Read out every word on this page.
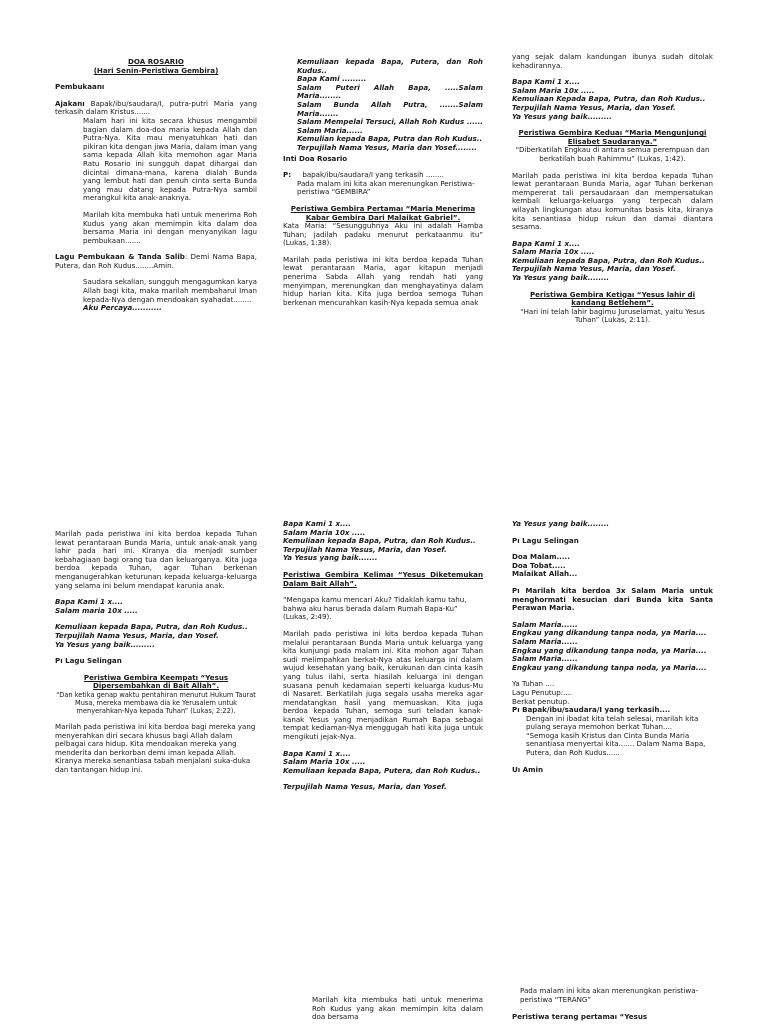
DOA ROSARIO

(Hari Senin-Peristiwa Gembira)

Pembukaanı

Ajakanı Bapak/ibu/saudara/I, putra-putri Maria yang terkasih dalam Kristus.......

Malam hari ini kita secara khusus mengambil bagian dalam doa-doa maria kepada Allah dan Putra-Nya. Kita mau menyatuhkan hati dan pikiran kita dengan jiwa Maria, dalam iman yang sama kepada Allah kita memohon agar Maria Ratu Rosario ini sungguh dapat dihargai dan dicintai dimana-mana, karena dialah Bunda yang lembut hati dan penuh cinta serta Bunda yang mau datang kepada Putra-Nya sambil merangkul kita anak-anaknya.

Marilah kita membuka hati untuk menerima Roh Kudus yang akan memimpin kita dalam doa bersama Maria ini dengan menyanyikan lagu pembukaan.......

Lagu Pembukaan & Tanda Salib: Demi Nama Bapa, Putera, dan Roh Kudus........Amin.

Saudara sekalian, sungguh mengagumkan karya Allah bagi kita, maka marilah membaharui Iman kepada-Nya dengan mendoakan syahadat........

Aku Percaya...........

Kemuliaan kepada Bapa, Putera, dan Roh Kudus..

Bapa Kami .........

Salam Puteri Allah Bapa, .....Salam Maria........

Salam Bunda Allah Putra, .......Salam Maria.......

Salam Mempelai Tersuci, Allah Roh Kudus ...... Salam Maria......

Kemulian kepada Bapa, Putra dan Roh Kudus..

Terpujilah Nama Yesus, Maria dan Yosef........

Inti Doa Rosario

P: bapak/ibu/saudara/I yang terkasih ........

Pada malam ini kita akan merenungkan Peristiwa-peristiwa “GEMBIRA”

Peristiwa Gembira Pertamaı “Maria Menerima Kabar Gembira Dari Malaikat Gabriel”.

Kata Maria: “Sesungguhnya Aku ini adalah Hamba Tuhan; jadilah padaku menurut perkataanmu itu” (Lukas, 1:38).

Marilah pada peristiwa ini kita berdoa kepada Tuhan lewat perantaraan Maria, agar kitapun menjadi penerima Sabda Allah yang rendah hati yang menyimpan, merenungkan dan menghayatinya dalam hidup harian kita. Kita juga berdoa semoga Tuhan berkenan mencurahkan kasih-Nya kepada semua anak

yang sejak dalam kandungan ibunya sudah ditolak kehadirannya.

Bapa Kami 1 x....

Salam Maria 10x .....

Kemuliaan Kepada Bapa, Putra, dan Roh Kudus..

Terpujilah Nama Yesus, Maria, dan Yosef.

Ya Yesus yang baik.........

Peristiwa Gembira Keduaı “Maria Mengunjungi Elisabet Saudaranya.”

“Diberkatilah Engkau di antara semua perempuan dan berkatilah buah Rahimmu” (Lukas, 1:42).

Marilah pada peristiwa ini kita berdoa kepada Tuhan lewat perantaraan Bunda Maria, agar Tuhan berkenan mempererat tali persaudaraan dan mempersatukan kembali keluarga-keluarga yang terpecah dalam wilayah lingkungan atau komunitas basis kita, kiranya kita senantiasa hidup rukun dan damai diantara sesama.

Bapa Kami 1 x....

Salam Maria 10x .....

Kemuliaan kepada Bapa, Putra, dan Roh Kudus..

Terpujilah Nama Yesus, Maria, dan Yosef.

Ya Yesus yang baik........

Peristiwa Gembira Ketigaı “Yesus lahir di kandang Betlehem”.

“Hari ini telah lahir bagimu Juruselamat, yaitu Yesus Tuhan” (Lukas, 2:11).

Marilah pada peristiwa ini kita berdoa kepada Tuhan lewat perantaraan Bunda Maria, untuk anak-anak yang lahir pada hari ini. Kiranya dia menjadi sumber kebahagiaan bagi orang tua dan keluarganya. Kita juga berdoa kepada Tuhan, agar Tuhan berkenan menganugerahkan keturunan kepada keluarga-keluarga yang selama ini belum mendapat karunia anak.

Bapa Kami 1 x....

Salam maria 10x .....

Kemuliaan kepada Bapa, Putra, dan Roh Kudus..

Terpujilah Nama Yesus, Maria, dan Yosef.

Ya Yesus yang baik.........

Pı Lagu Selingan

Peristiwa Gembira Keempatı “Yesus Dipersembahkan di Bait Allah”.

“Dan ketika genap waktu pentahiran menurut Hukum Taurat Musa, mereka membawa dia ke Yerusalem untuk menyerahkan-Nya kepada Tuhan” (Lukas, 2:22).

Marilah pada peristiwa ini kita berdoa bagi mereka yang menyerahkan diri secara khusus bagi Allah dalam pelbagai cara hidup. Kita mendoakan mereka yang menderita dan berkorban demi iman kepada Allah. Kiranya mereka senantiasa tabah menjalani suka-duka dan tantangan hidup ini.

Bapa Kami 1 x....

Salam Maria 10x .....

Kemuliaan kepada Bapa, Putra, dan Roh Kudus..

Terpujilah Nama Yesus, Maria, dan Yosef.

Ya Yesus yang baik.......

Peristiwa Gembira Kelimaı “Yesus Diketemukan Dalam Bait Allah”.

“Mengapa kamu mencari Aku? Tidaklah kamu tahu, bahwa aku harus berada dalam Rumah Bapa-Ku” (Lukas, 2:49).

Marilah pada peristiwa ini kita berdoa kepada Tuhan melalui perantaraan Bunda Maria untuk keluarga yang kita kunjungi pada malam ini. Kita mohon agar Tuhan sudi melimpahkan berkat-Nya atas keluarga ini dalam wujud kesehatan yang baik, kerukunan dan cinta kasih yang tulus ilahi, serta hiasilah keluarga ini dengan suasana penuh kedamaian seperti keluarga kudus-Mu di Nasaret. Berkatilah juga segala usaha mereka agar mendatangkan hasil yang memuaskan. Kita juga berdoa kepada Tuhan, semoga suri teladan kanak-kanak Yesus yang menjadikan Rumah Bapa sebagai tempat kediaman-Nya menggugah hati kita juga untuk mengikuti jejak-Nya.

Bapa Kami 1 x....

Salam Maria 10x .....

Kemuliaan kepada Bapa, Putera, dan Roh Kudus..

Terpujilah Nama Yesus, Maria, dan Yosef.

Ya Yesus yang baik........

Pı Lagu Selingan

Doa Malam.....

Doa Tobat.....

Malaikat Allah...

Pı Marilah kita berdoa 3x Salam Maria untuk menghormati kesucian dari Bunda kita Santa Perawan Maria.

Salam Maria......

Engkau yang dikandung tanpa noda, ya Maria....

Salam Maria......

Engkau yang dikandung tanpa noda, ya Maria....

Salam Maria......

Engkau yang dikandung tanpa noda, ya Maria....

Ya Tuhan ....

Lagu Penutup:....

Berkat penutup.

Pı Bapak/ibu/saudara/I yang terkasih....

Dengan ini ibadat kita telah selesai, marilah kita pulang seraya memohon berkat Tuhan....

“Semoga kasih Kristus dan Cinta Bunda Maria senantiasa menyertai kita....... Dalam Nama Bapa, Putera, dan Roh Kudus......

Uı Amin

Marilah kita membuka hati untuk menerima Roh Kudus yang akan memimpin kita dalam doa bersama

Pada malam ini kita akan merenungkan peristiwa-peristiwa “TERANG”

.

Peristiwa terang pertamaı “Yesus
